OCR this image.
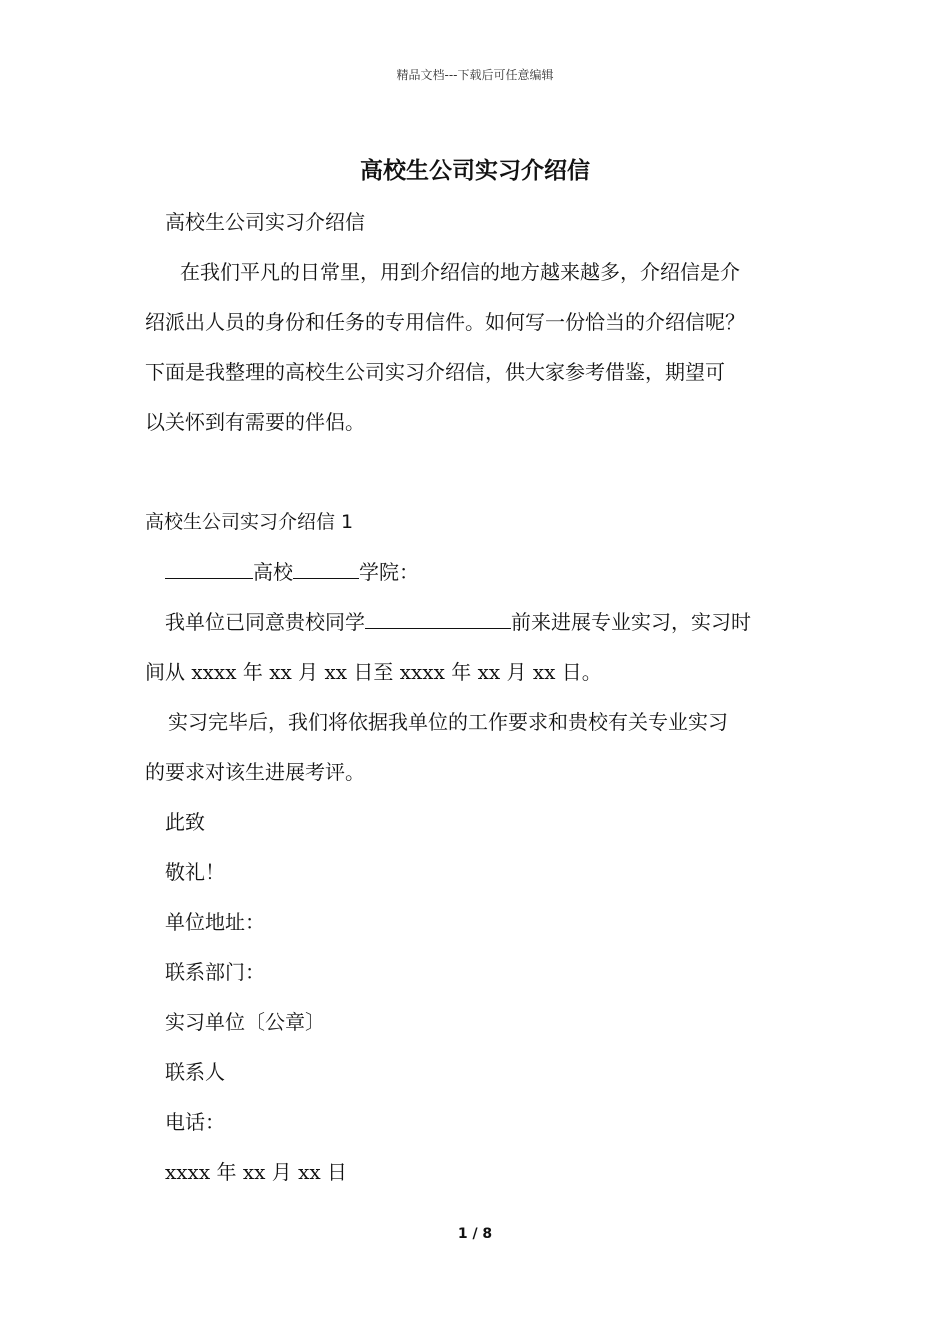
精品文档---下载后可任意编辑
高校生公司实习介绍信
高校生公司实习介绍信
在我们平凡的日常里，用到介绍信的地方越来越多，介绍信是介
绍派出人员的身份和任务的专用信件。如何写一份恰当的介绍信呢？
下面是我整理的高校生公司实习介绍信，供大家参考借鉴，期望可
以关怀到有需要的伴侣。
高校生公司实习介绍信 1
高校	学院：
我单位已同意贵校同学	前来进展专业实习，实习时
间从 xxxx 年 xx 月 xx 日至 xxxx 年 xx 月 xx 日。
实习完毕后，我们将依据我单位的工作要求和贵校有关专业实习
的要求对该生进展考评。
此致
敬礼！
单位地址：
联系部门：
实习单位〔公章〕
联系人
电话：
xxxx 年 xx 月 xx 日
1 / 8
